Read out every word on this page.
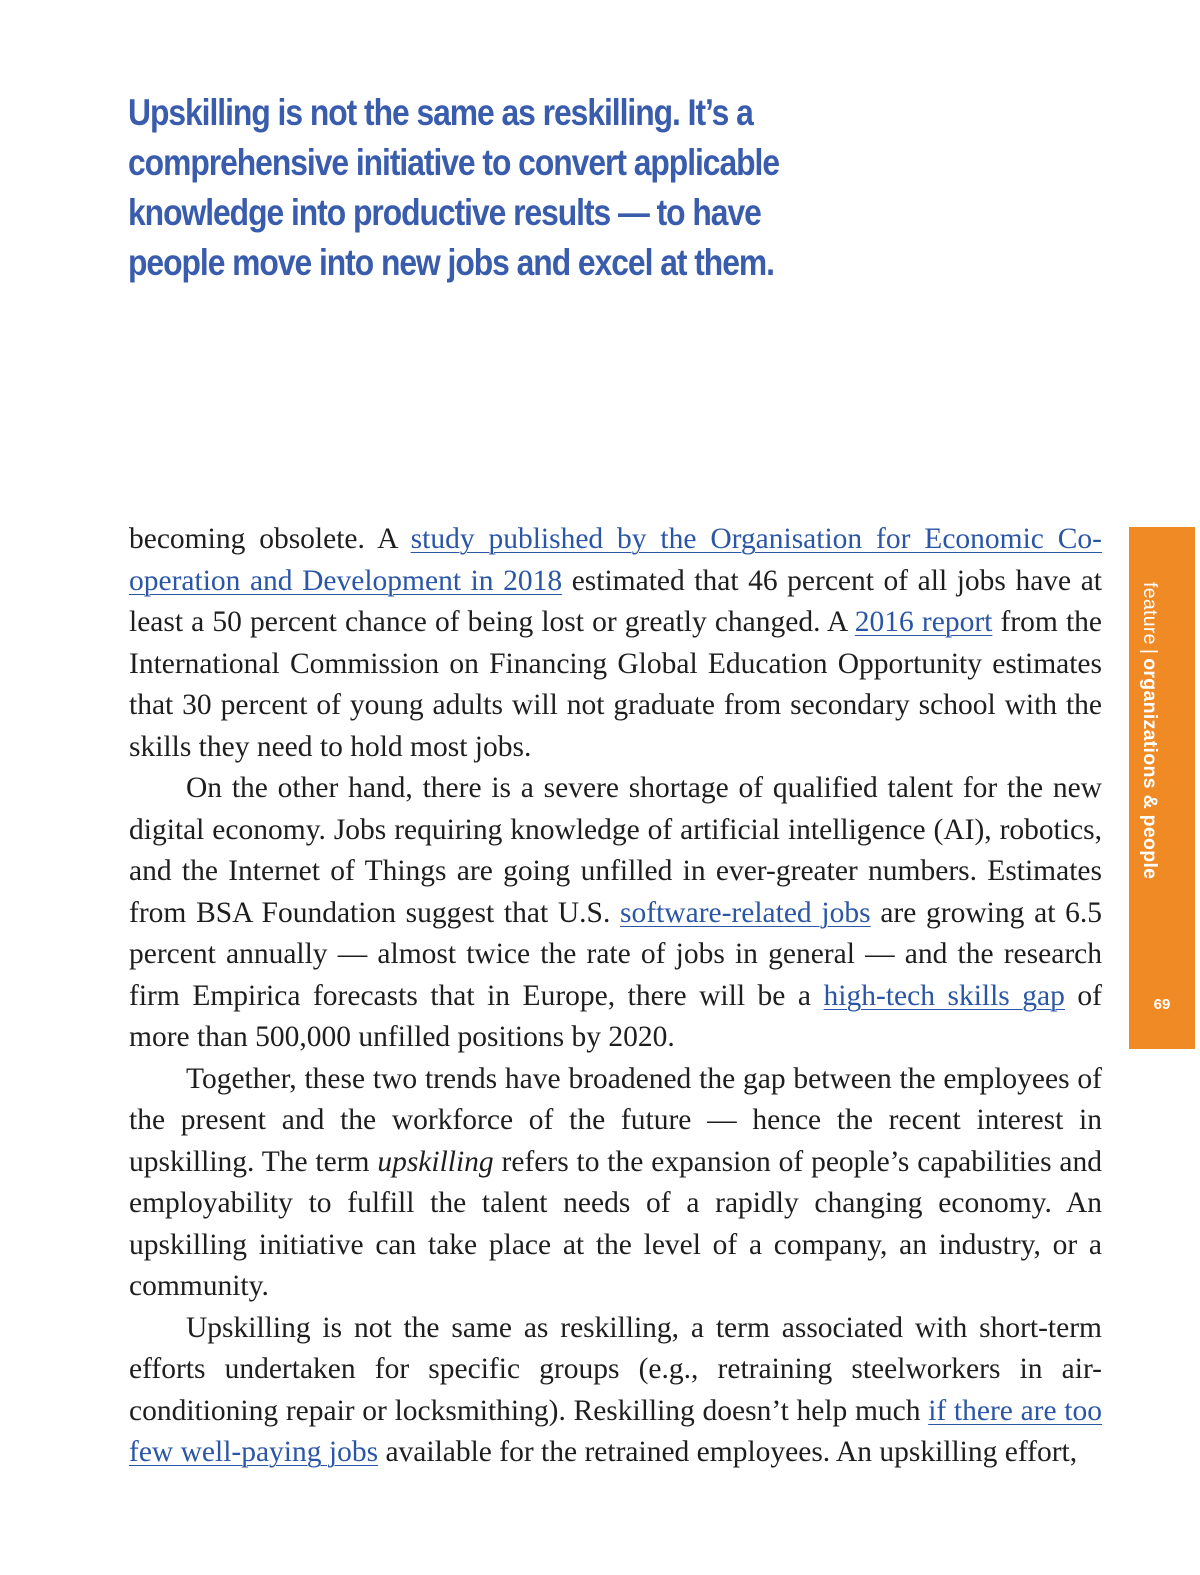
Upskilling is not the same as reskilling. It’s a comprehensive initiative to convert applicable knowledge into productive results — to have people move into new jobs and excel at them.

becoming obsolete. A study published by the Organisation for Economic Co-operation and Development in 2018 estimated that 46 percent of all jobs have at least a 50 percent chance of being lost or greatly changed. A 2016 report from the International Commission on Financing Global Education Opportunity estimates that 30 percent of young adults will not graduate from secondary school with the skills they need to hold most jobs.

On the other hand, there is a severe shortage of qualified talent for the new digital economy. Jobs requiring knowledge of artificial intelligence (AI), robotics, and the Internet of Things are going unfilled in ever-greater numbers. Estimates from BSA Foundation suggest that U.S. software-related jobs are growing at 6.5 percent annually — almost twice the rate of jobs in general — and the research firm Empirica forecasts that in Europe, there will be a high-tech skills gap of more than 500,000 unfilled positions by 2020.

Together, these two trends have broadened the gap between the employees of the present and the workforce of the future — hence the recent interest in upskilling. The term upskilling refers to the expansion of people’s capabilities and employability to fulfill the talent needs of a rapidly changing economy. An upskilling initiative can take place at the level of a company, an industry, or a community.

Upskilling is not the same as reskilling, a term associated with short-term efforts undertaken for specific groups (e.g., retraining steelworkers in air-conditioning repair or locksmithing). Reskilling doesn’t help much if there are too few well-paying jobs available for the retrained employees. An upskilling effort,

feature|organizations & people
69
